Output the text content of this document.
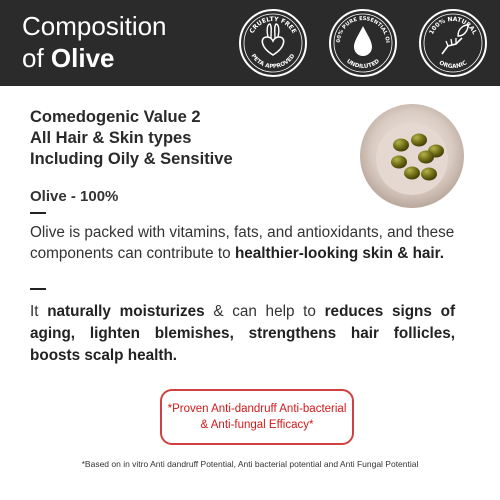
Composition
of Olive
CRUELTY FREE
PETA APPROVED
00% PURE ESSENTIAL OI
UNDILUTED
100% NATURAL
ORGANIC
Comedogenic Value 2
All Hair & Skin types
Including Oily & Sensitive
Olive - 100%
Olive is packed with vitamins, fats, and antioxidants, and these components can contribute to healthier-looking skin & hair.
It naturally moisturizes & can help to reduces signs of aging, lighten blemishes, strengthens hair follicles, boosts scalp health.
*Proven Anti-dandruff Anti-bacterial
& Anti-fungal Efficacy*
*Based on in vitro Anti dandruff Potential, Anti bacterial potential and Anti Fungal Potential
